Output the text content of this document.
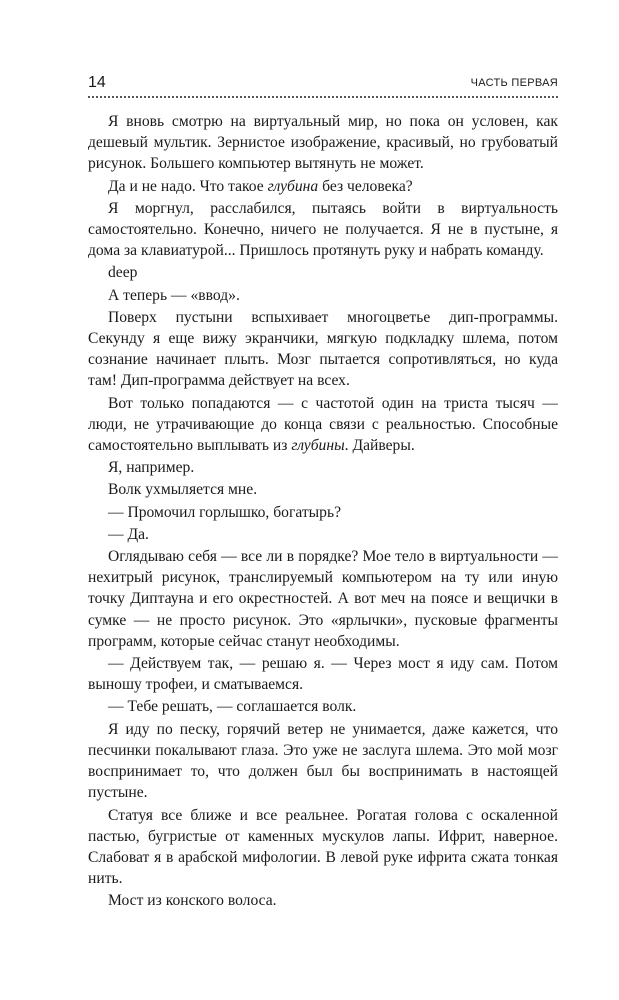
14	ЧАСТЬ ПЕРВАЯ

Я вновь смотрю на виртуальный мир, но пока он условен, как дешевый мультик. Зернистое изображение, красивый, но грубоватый рисунок. Большего компьютер вытянуть не может.

Да и не надо. Что такое глубина без человека?

Я моргнул, расслабился, пытаясь войти в виртуальность самостоятельно. Конечно, ничего не получается. Я не в пустыне, я дома за клавиатурой... Пришлось протянуть руку и набрать команду.

deep

А теперь — «ввод».

Поверх пустыни вспыхивает многоцветье дип-программы. Секунду я еще вижу экранчики, мягкую подкладку шлема, потом сознание начинает плыть. Мозг пытается сопротивляться, но куда там! Дип-программа действует на всех.

Вот только попадаются — с частотой один на триста тысяч — люди, не утрачивающие до конца связи с реальностью. Способные самостоятельно выплывать из глубины. Дайверы.

Я, например.

Волк ухмыляется мне.

— Промочил горлышко, богатырь?

— Да.

Оглядываю себя — все ли в порядке? Мое тело в виртуальности — нехитрый рисунок, транслируемый компьютером на ту или иную точку Диптауна и его окрестностей. А вот меч на поясе и вещички в сумке — не просто рисунок. Это «ярлычки», пусковые фрагменты программ, которые сейчас станут необходимы.

— Действуем так, — решаю я. — Через мост я иду сам. Потом выношу трофеи, и сматываемся.

— Тебе решать, — соглашается волк.

Я иду по песку, горячий ветер не унимается, даже кажется, что песчинки покалывают глаза. Это уже не заслуга шлема. Это мой мозг воспринимает то, что должен был бы воспринимать в настоящей пустыне.

Статуя все ближе и все реальнее. Рогатая голова с оскаленной пастью, бугристые от каменных мускулов лапы. Ифрит, наверное. Слабоват я в арабской мифологии. В левой руке ифрита сжата тонкая нить.

Мост из конского волоса.
